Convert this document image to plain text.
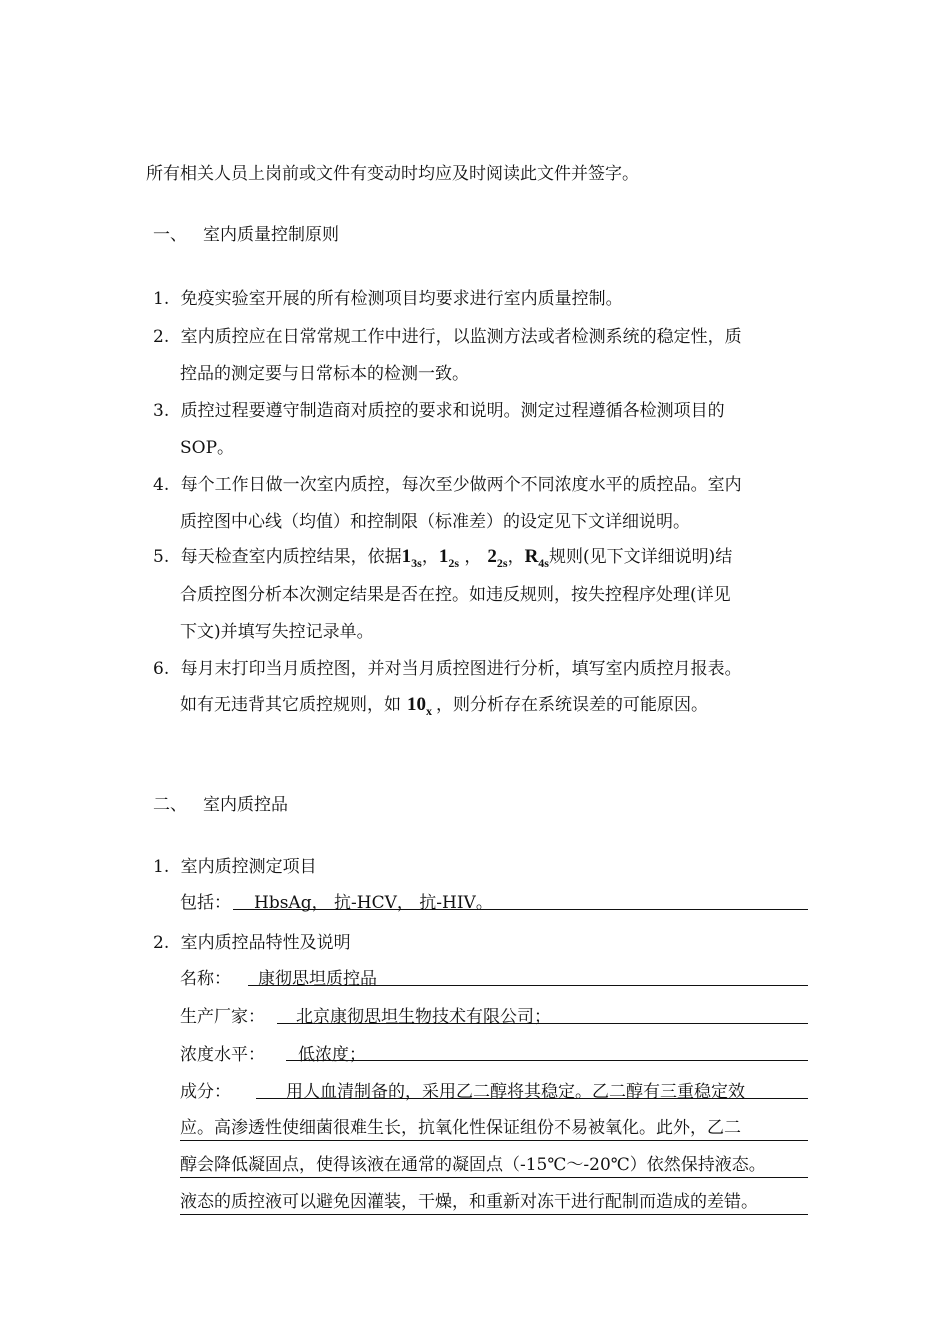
所有相关人员上岗前或文件有变动时均应及时阅读此文件并签字。
一、 室内质量控制原则
1. 免疫实验室开展的所有检测项目均要求进行室内质量控制。
2. 室内质控应在日常常规工作中进行，以监测方法或者检测系统的稳定性，质
控品的测定要与日常标本的检测一致。
3. 质控过程要遵守制造商对质控的要求和说明。测定过程遵循各检测项目的
SOP。
4. 每个工作日做一次室内质控，每次至少做两个不同浓度水平的质控品。室内
质控图中心线（均值）和控制限（标准差）的设定见下文详细说明。
5. 每天检查室内质控结果，依据$1_{3s}$，$1_{2s}$ ， $2_{2s}$，$R_{4s}$规则(见下文详细说明)结
合质控图分析本次测定结果是否在控。如违反规则，按失控程序处理(详见
下文)并填写失控记录单。
6. 每月末打印当月质控图，并对当月质控图进行分析，填写室内质控月报表。
如有无违背其它质控规则，如 $10_x$ ，则分析存在系统误差的可能原因。
二、 室内质控品
1. 室内质控测定项目
包括： HbsAg， 抗-HCV， 抗-HIV。
2. 室内质控品特性及说明
名称： 康彻思坦质控品
生产厂家： 北京康彻思坦生物技术有限公司；
浓度水平： 低浓度；
成分：	用人血清制备的，采用乙二醇将其稳定。乙二醇有三重稳定效
应。高渗透性使细菌很难生长，抗氧化性保证组份不易被氧化。此外，乙二
醇会降低凝固点，使得该液在通常的凝固点（-15℃～-20℃）依然保持液态。
液态的质控液可以避免因灌装，干燥，和重新对冻干进行配制而造成的差错。
